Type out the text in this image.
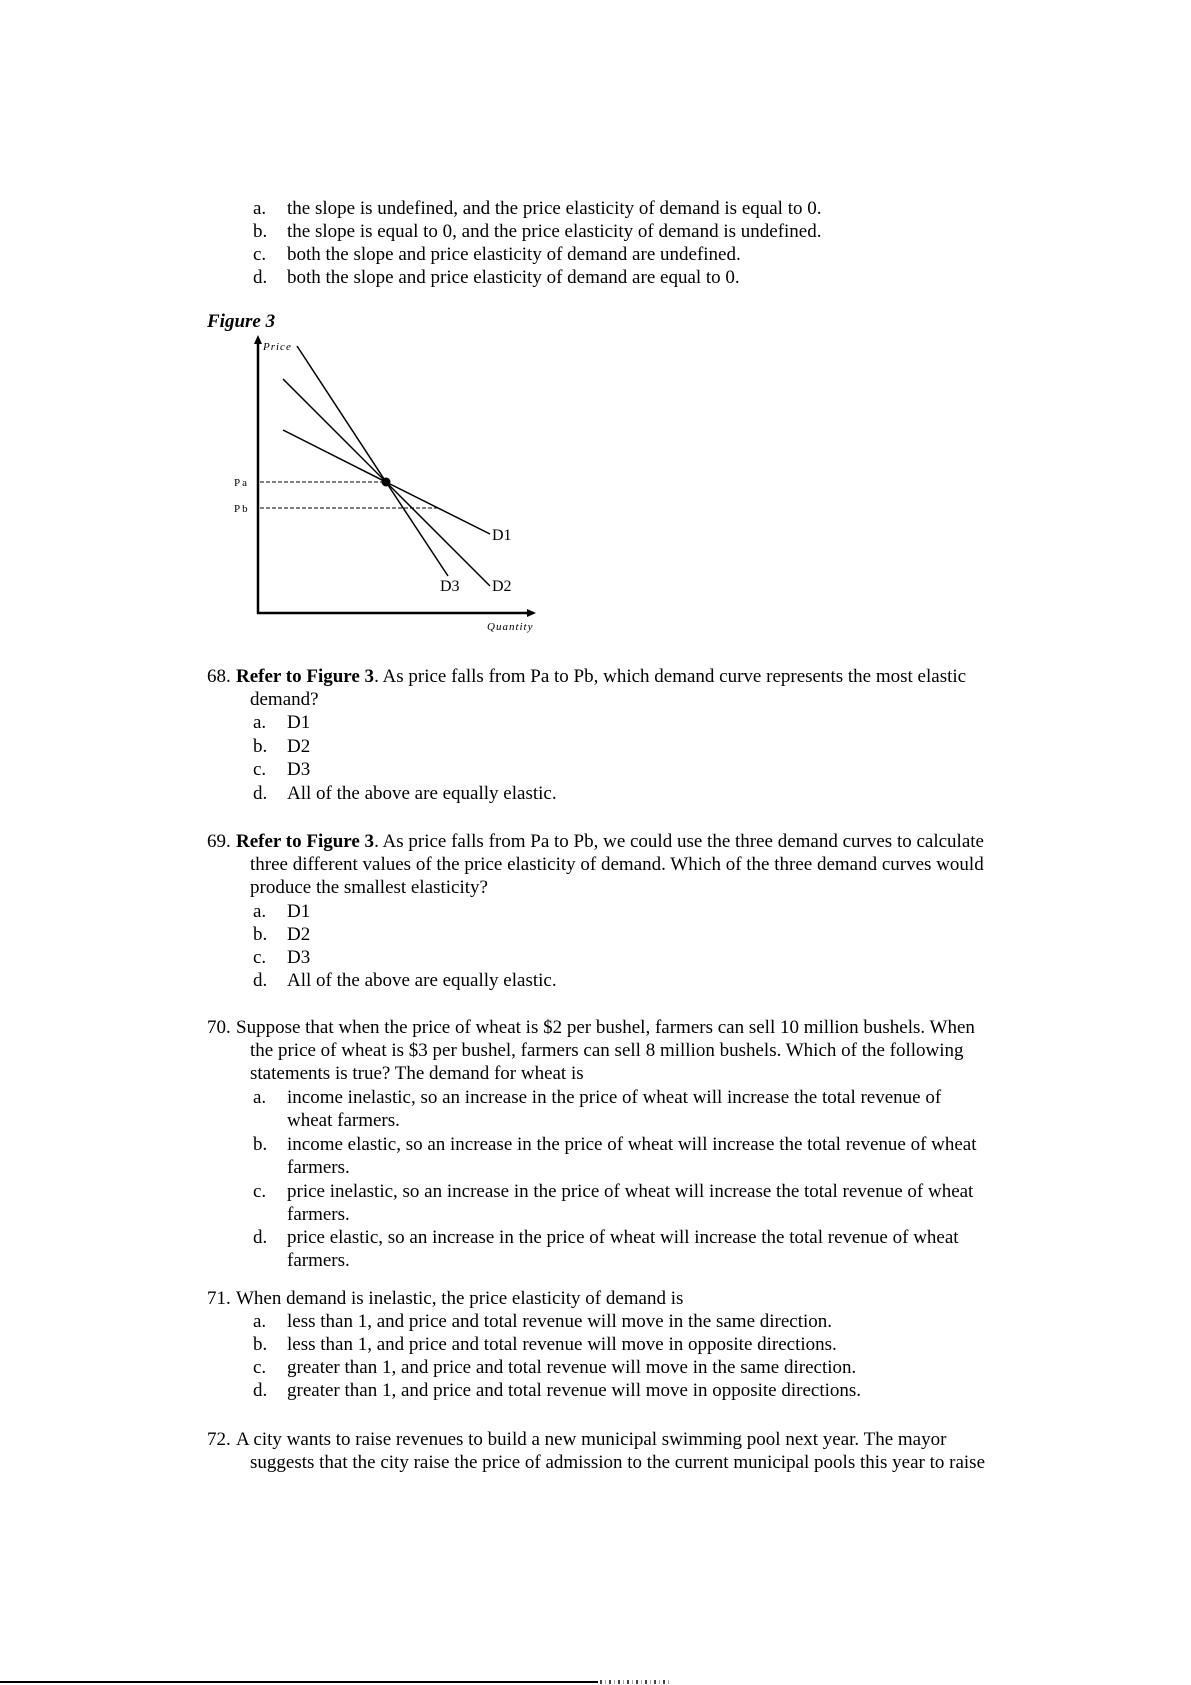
a. the slope is undefined, and the price elasticity of demand is equal to 0.
b. the slope is equal to 0, and the price elasticity of demand is undefined.
c. both the slope and price elasticity of demand are undefined.
d. both the slope and price elasticity of demand are equal to 0.
Figure 3
Price
Quantity
Pa
Pb
D1
D3 D2
68. Refer to Figure 3. As price falls from Pa to Pb, which demand curve represents the most elastic
demand?
a. D1
b. D2
c. D3
d. All of the above are equally elastic.
69. Refer to Figure 3. As price falls from Pa to Pb, we could use the three demand curves to calculate
three different values of the price elasticity of demand. Which of the three demand curves would
produce the smallest elasticity?
a. D1
b. D2
c. D3
d. All of the above are equally elastic.
70. Suppose that when the price of wheat is $2 per bushel, farmers can sell 10 million bushels. When
the price of wheat is $3 per bushel, farmers can sell 8 million bushels. Which of the following
statements is true? The demand for wheat is
a. income inelastic, so an increase in the price of wheat will increase the total revenue of
wheat farmers.
b. income elastic, so an increase in the price of wheat will increase the total revenue of wheat
farmers.
c. price inelastic, so an increase in the price of wheat will increase the total revenue of wheat
farmers.
d. price elastic, so an increase in the price of wheat will increase the total revenue of wheat
farmers.
71. When demand is inelastic, the price elasticity of demand is
a. less than 1, and price and total revenue will move in the same direction.
b. less than 1, and price and total revenue will move in opposite directions.
c. greater than 1, and price and total revenue will move in the same direction.
d. greater than 1, and price and total revenue will move in opposite directions.
72. A city wants to raise revenues to build a new municipal swimming pool next year. The mayor
suggests that the city raise the price of admission to the current municipal pools this year to raise
